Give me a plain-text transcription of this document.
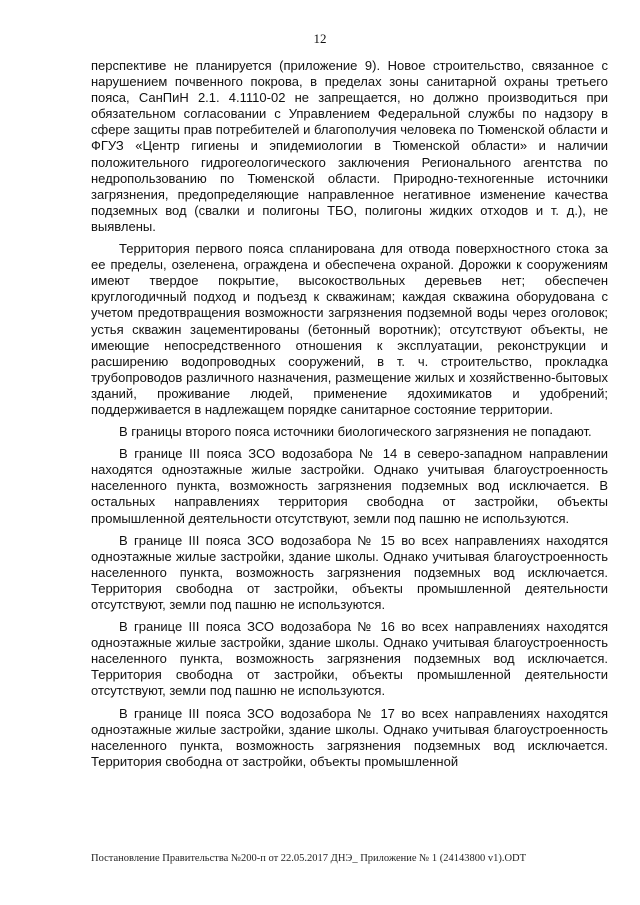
12

перспективе не планируется (приложение 9). Новое строительство, связанное с нарушением почвенного покрова, в пределах зоны санитарной охраны третьего пояса, СанПиН 2.1. 4.1110-02 не запрещается, но должно производиться при обязательном согласовании с Управлением Федеральной службы по надзору в сфере защиты прав потребителей и благополучия человека по Тюменской области и ФГУЗ «Центр гигиены и эпидемиологии в Тюменской области» и наличии положительного гидрогеологического заключения Регионального агентства по недропользованию по Тюменской области. Природно-техногенные источники загрязнения, предопределяющие направленное негативное изменение качества подземных вод (свалки и полигоны ТБО, полигоны жидких отходов и т. д.), не выявлены.

Территория первого пояса спланирована для отвода поверхностного стока за ее пределы, озеленена, ограждена и обеспечена охраной. Дорожки к сооружениям имеют твердое покрытие, высокоствольных деревьев нет; обеспечен круглогодичный подход и подъезд к скважинам; каждая скважина оборудована с учетом предотвращения возможности загрязнения подземной воды через оголовок; устья скважин зацементированы (бетонный воротник); отсутствуют объекты, не имеющие непосредственного отношения к эксплуатации, реконструкции и расширению водопроводных сооружений, в т. ч. строительство, прокладка трубопроводов различного назначения, размещение жилых и хозяйственно-бытовых зданий, проживание людей, применение ядохимикатов и удобрений; поддерживается в надлежащем порядке санитарное состояние территории.

В границы второго пояса источники биологического загрязнения не попадают.

В границе III пояса ЗСО водозабора № 14 в северо-западном направлении находятся одноэтажные жилые застройки. Однако учитывая благоустроенность населенного пункта, возможность загрязнения подземных вод исключается. В остальных направлениях территория свободна от застройки, объекты промышленной деятельности отсутствуют, земли под пашню не используются.

В границе III пояса ЗСО водозабора № 15 во всех направлениях находятся одноэтажные жилые застройки, здание школы. Однако учитывая благоустроенность населенного пункта, возможность загрязнения подземных вод исключается. Территория свободна от застройки, объекты промышленной деятельности отсутствуют, земли под пашню не используются.

В границе III пояса ЗСО водозабора № 16 во всех направлениях находятся одноэтажные жилые застройки, здание школы. Однако учитывая благоустроенность населенного пункта, возможность загрязнения подземных вод исключается. Территория свободна от застройки, объекты промышленной деятельности отсутствуют, земли под пашню не используются.

В границе III пояса ЗСО водозабора № 17 во всех направлениях находятся одноэтажные жилые застройки, здание школы. Однако учитывая благоустроенность населенного пункта, возможность загрязнения подземных вод исключается. Территория свободна от застройки, объекты промышленной

Постановление Правительства №200-п от 22.05.2017 ДНЭ_ Приложение № 1 (24143800 v1).ODT
